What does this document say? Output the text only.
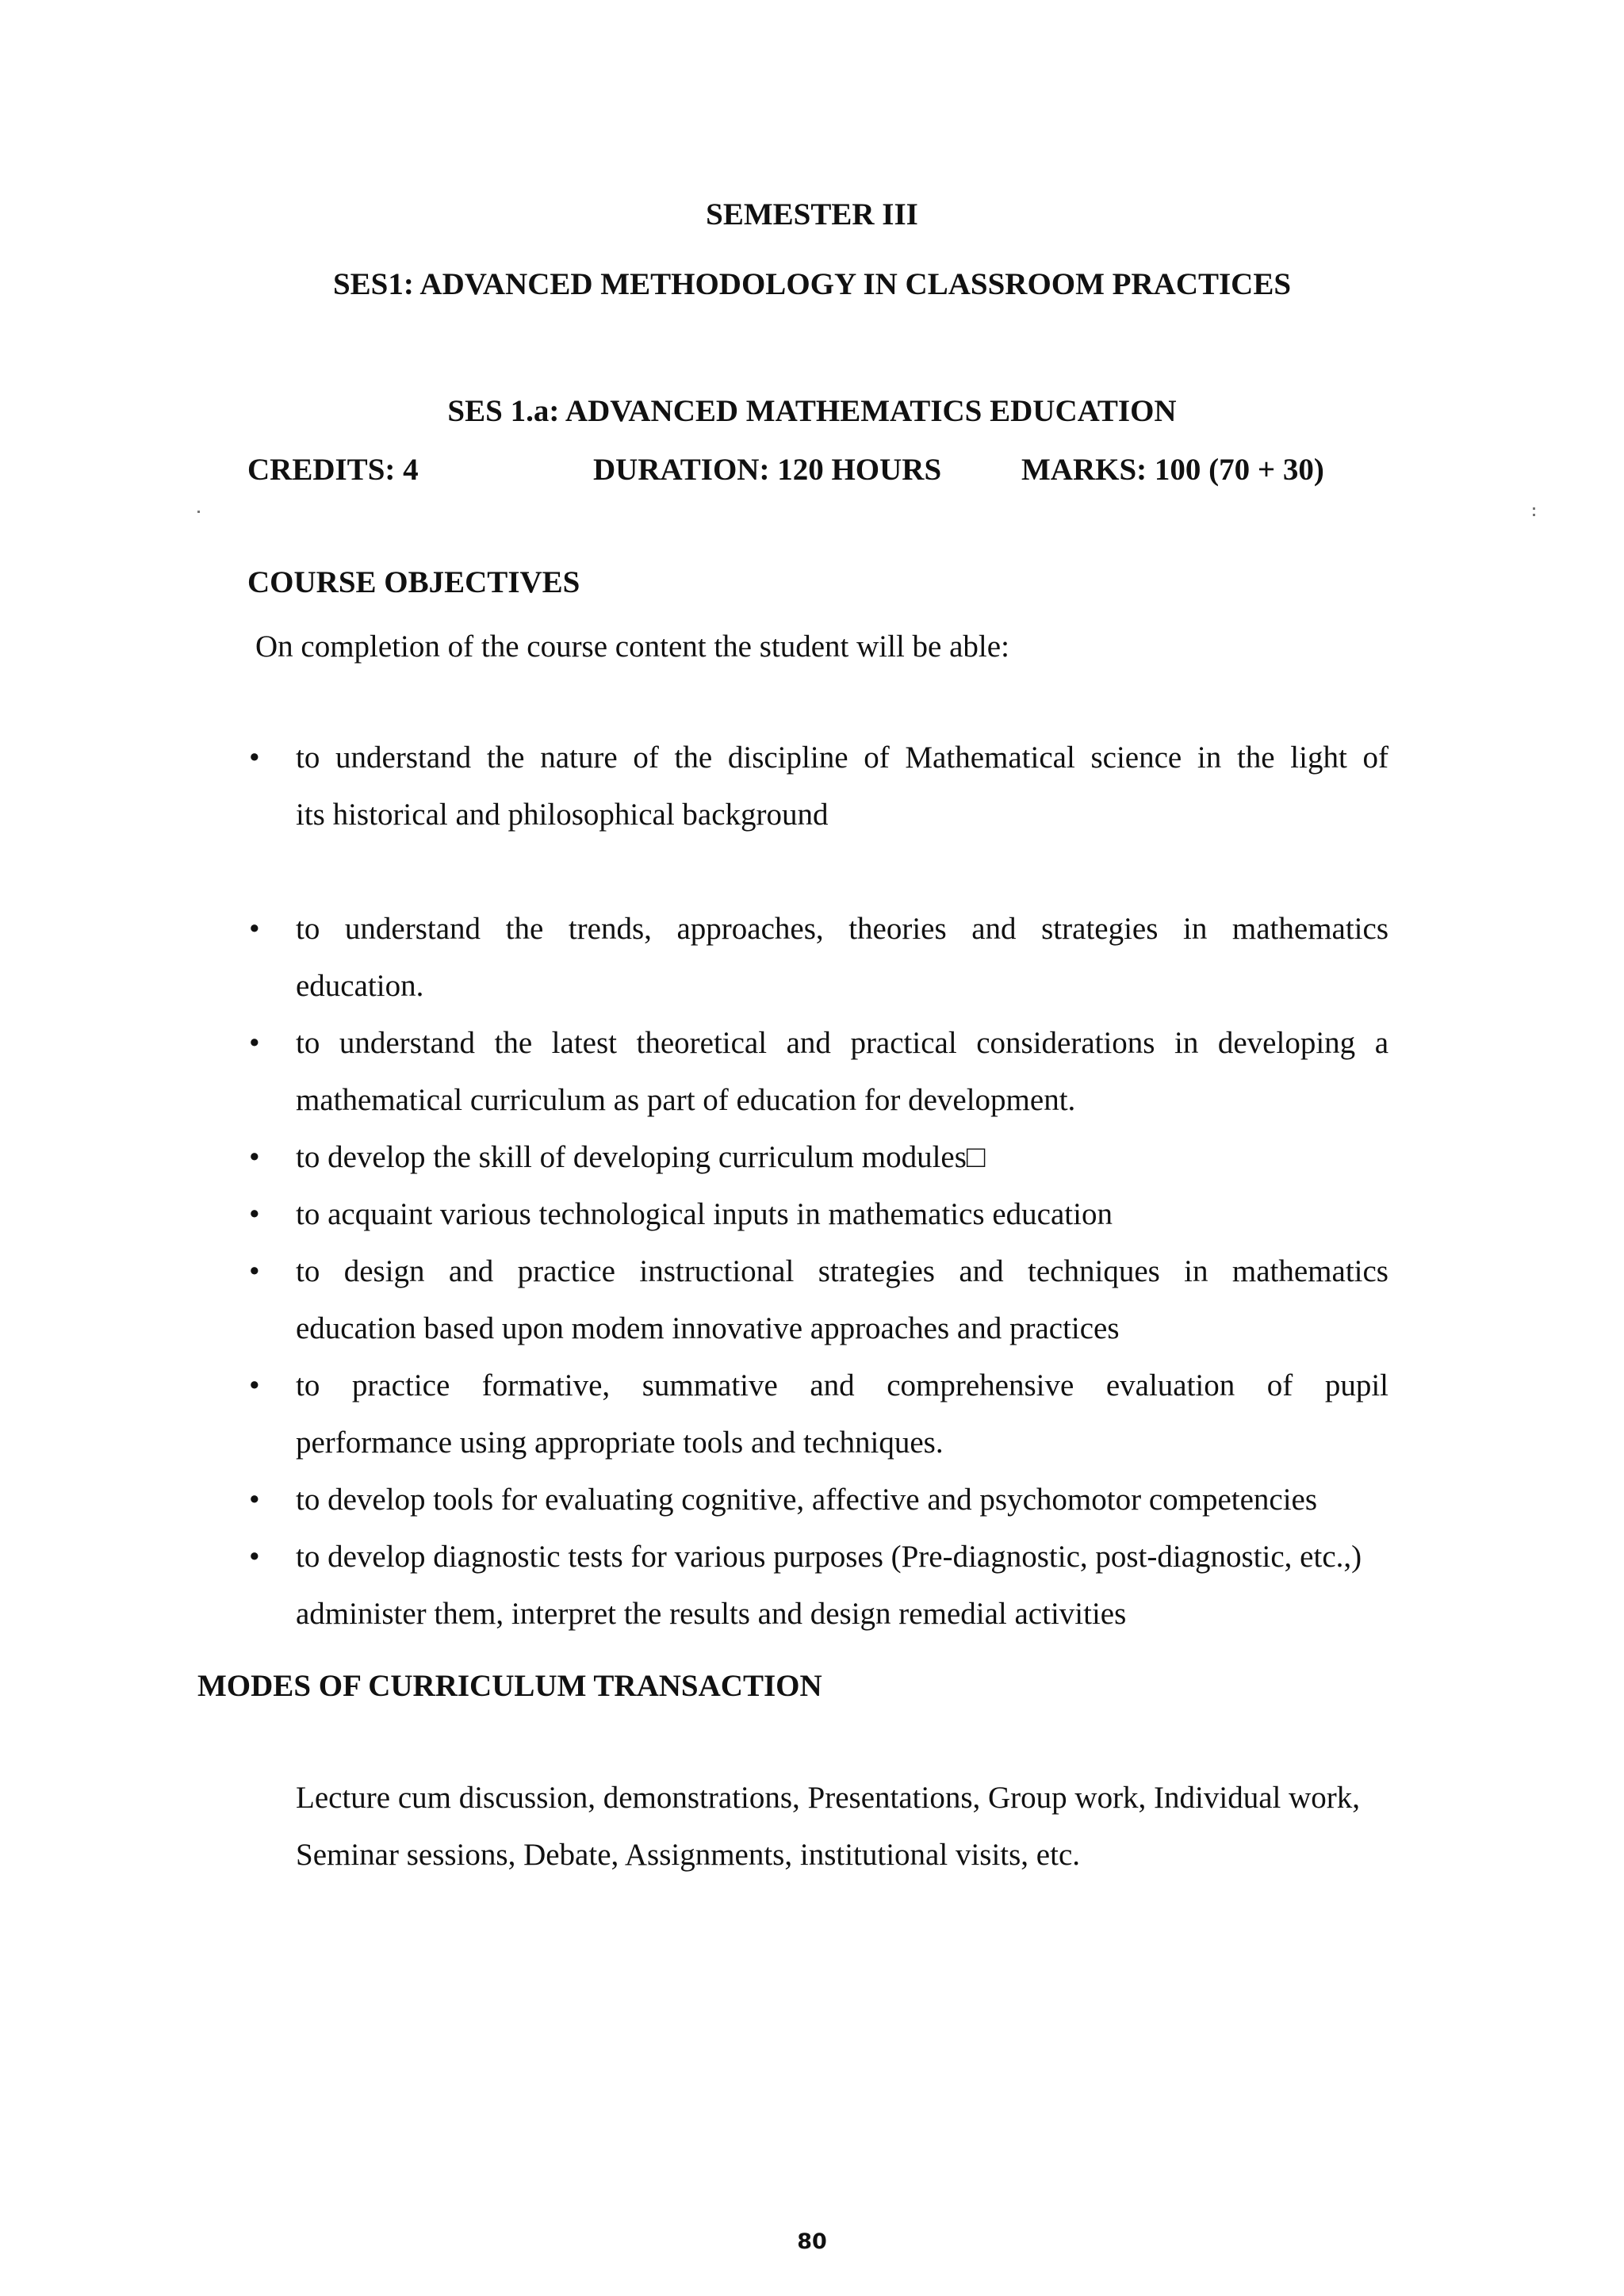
SEMESTER III
SES1: ADVANCED METHODOLOGY IN CLASSROOM PRACTICES
SES 1.a: ADVANCED MATHEMATICS EDUCATION
CREDITS: 4	DURATION: 120 HOURS	MARKS: 100 (70 + 30)
COURSE OBJECTIVES
On completion of the course content the student will be able:
• to understand the nature of the discipline of Mathematical science in the light of
its historical and philosophical background
• to understand the trends, approaches, theories and strategies in mathematics
education.
• to understand the latest theoretical and practical considerations in developing a
mathematical curriculum as part of education for development.
• to develop the skill of developing curriculum modules□
• to acquaint various technological inputs in mathematics education
• to design and practice instructional strategies and techniques in mathematics
education based upon modem innovative approaches and practices
• to practice formative, summative and comprehensive evaluation of pupil
performance using appropriate tools and techniques.
• to develop tools for evaluating cognitive, affective and psychomotor competencies
• to develop diagnostic tests for various purposes (Pre-diagnostic, post-diagnostic, etc.,)
administer them, interpret the results and design remedial activities
MODES OF CURRICULUM TRANSACTION
Lecture cum discussion, demonstrations, Presentations, Group work, Individual work,
Seminar sessions, Debate, Assignments, institutional visits, etc.
80
